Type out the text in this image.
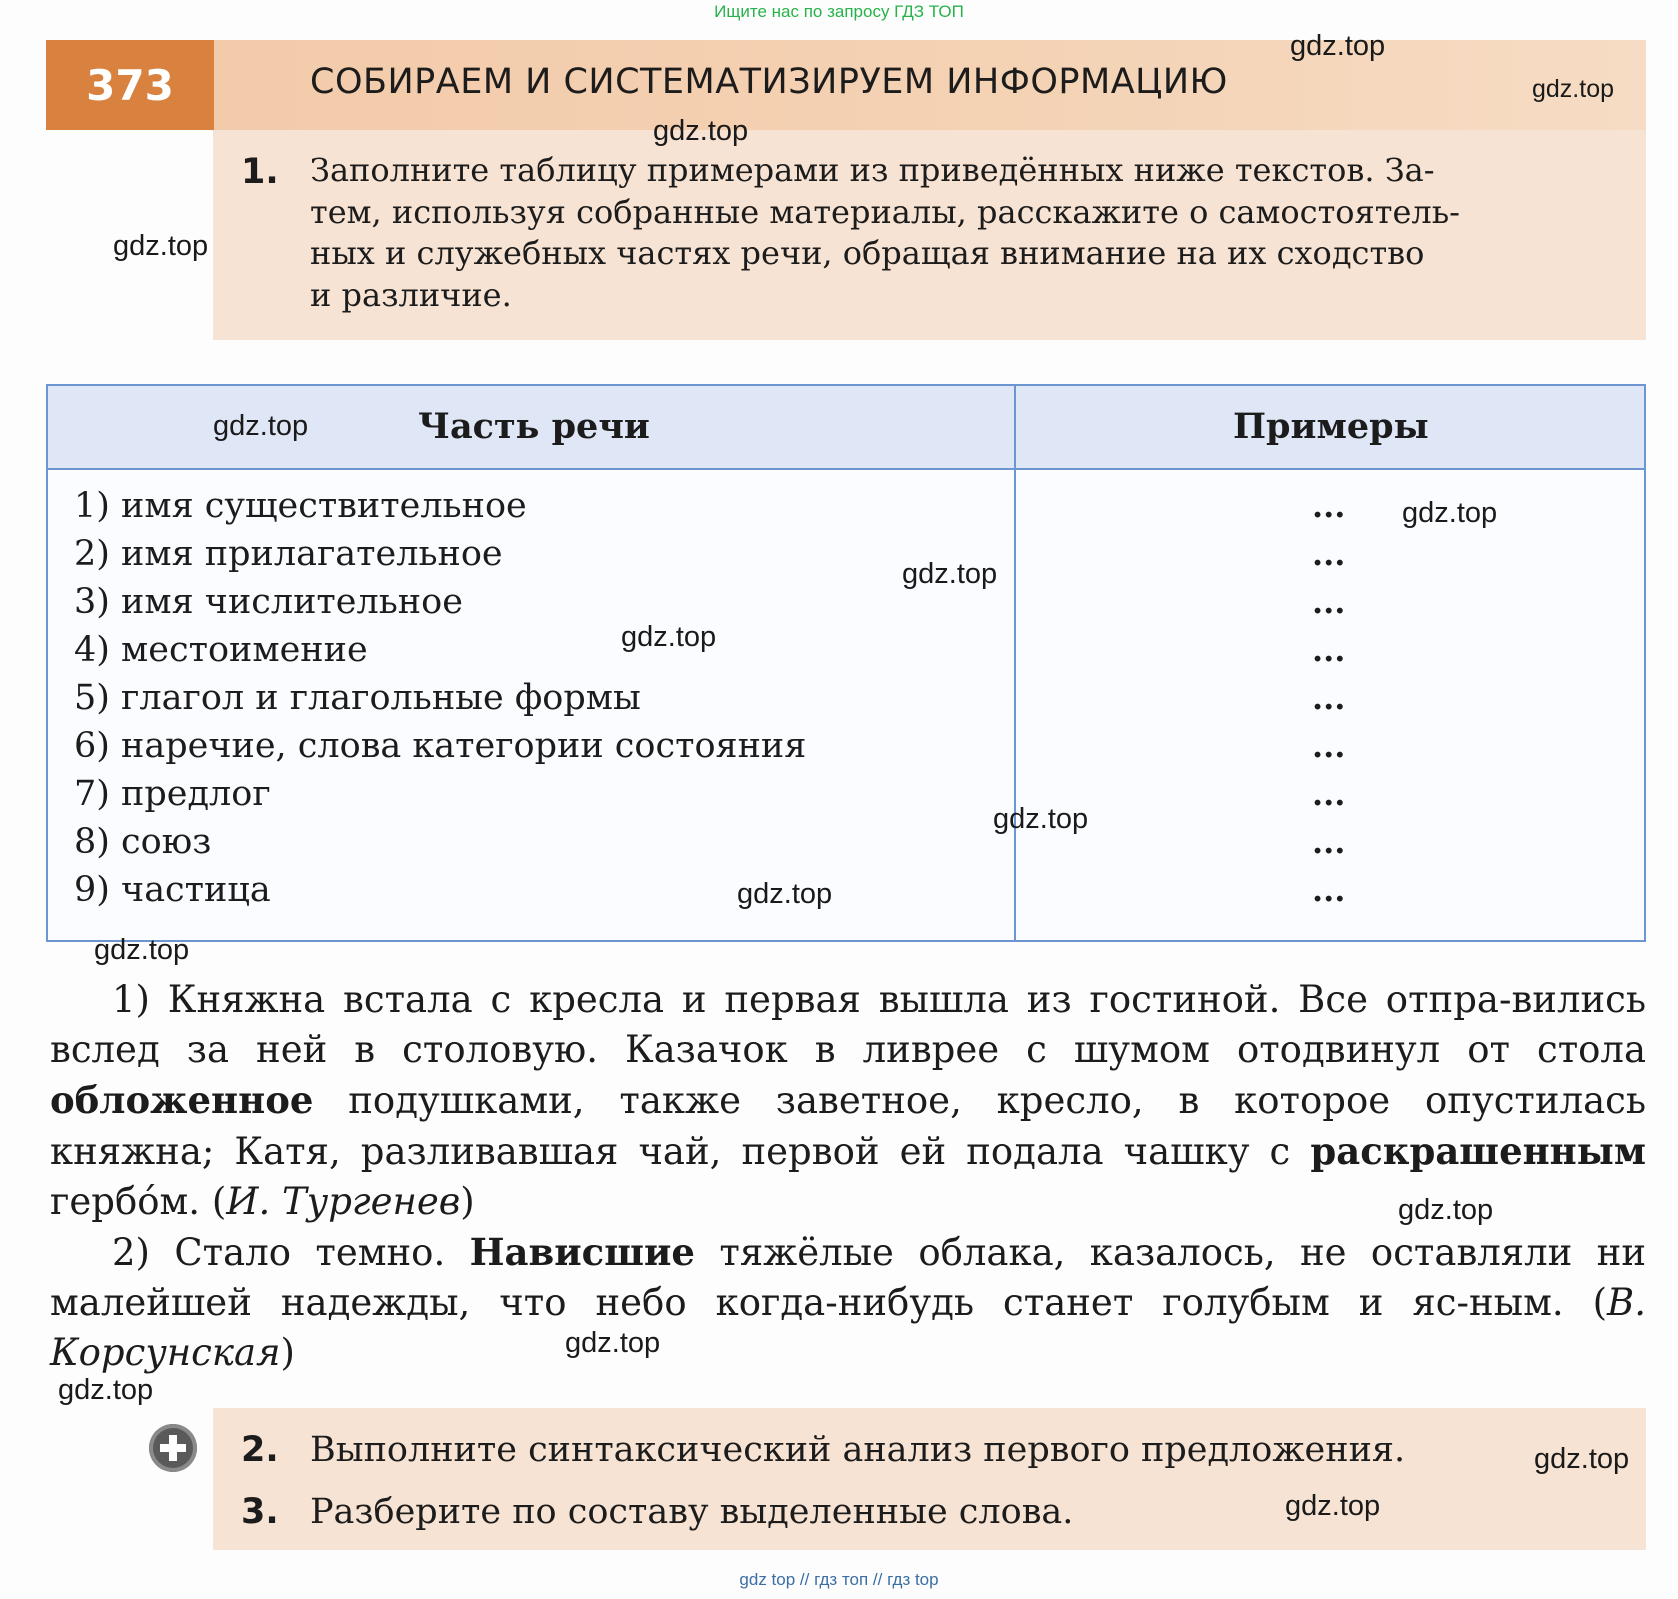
Ищите нас по запросу ГДЗ ТОП
373	СОБИРАЕМ И СИСТЕМАТИЗИРУЕМ ИНФОРМАЦИЮ
1. Заполните таблицу примерами из приведённых ниже текстов. За-
тем, используя собранные материалы, расскажите о самостоятель-
ных и служебных частях речи, обращая внимание на их сходство
и различие.
Часть речи	Примеры
1) имя существительное
2) имя прилагательное
3) имя числительное
4) местоимение
5) глагол и глагольные формы
6) наречие, слова категории состояния
7) предлог
8) союз
9) частица
...
...
...
...
...
...
...
...
...

1) Княжна встала с кресла и первая вышла из гостиной. Все отпра-вились вслед за ней в столовую. Казачок в ливрее с шумом отодвинул от стола обложенное подушками, также заветное, кресло, в которое опустилась княжна; Катя, разливавшая чай, первой ей подала чашку с раскрашенным гербо́м. (И. Тургенев)

2) Стало темно. Нависшие тяжёлые облака, казалось, не оставляли ни малейшей надежды, что небо когда-нибудь станет голубым и яс-ным. (В. Корсунская)

2. Выполните синтаксический анализ первого предложения.
3. Разберите по составу выделенные слова.
gdz.top
gdz.top
gdz.top
gdz.top
gdz.top
gdz.top
gdz.top
gdz.top
gdz.top
gdz.top
gdz.top
gdz.top
gdz.top
gdz.top
gdz.top
gdz.top
gdz top // гдз топ // гдз top
